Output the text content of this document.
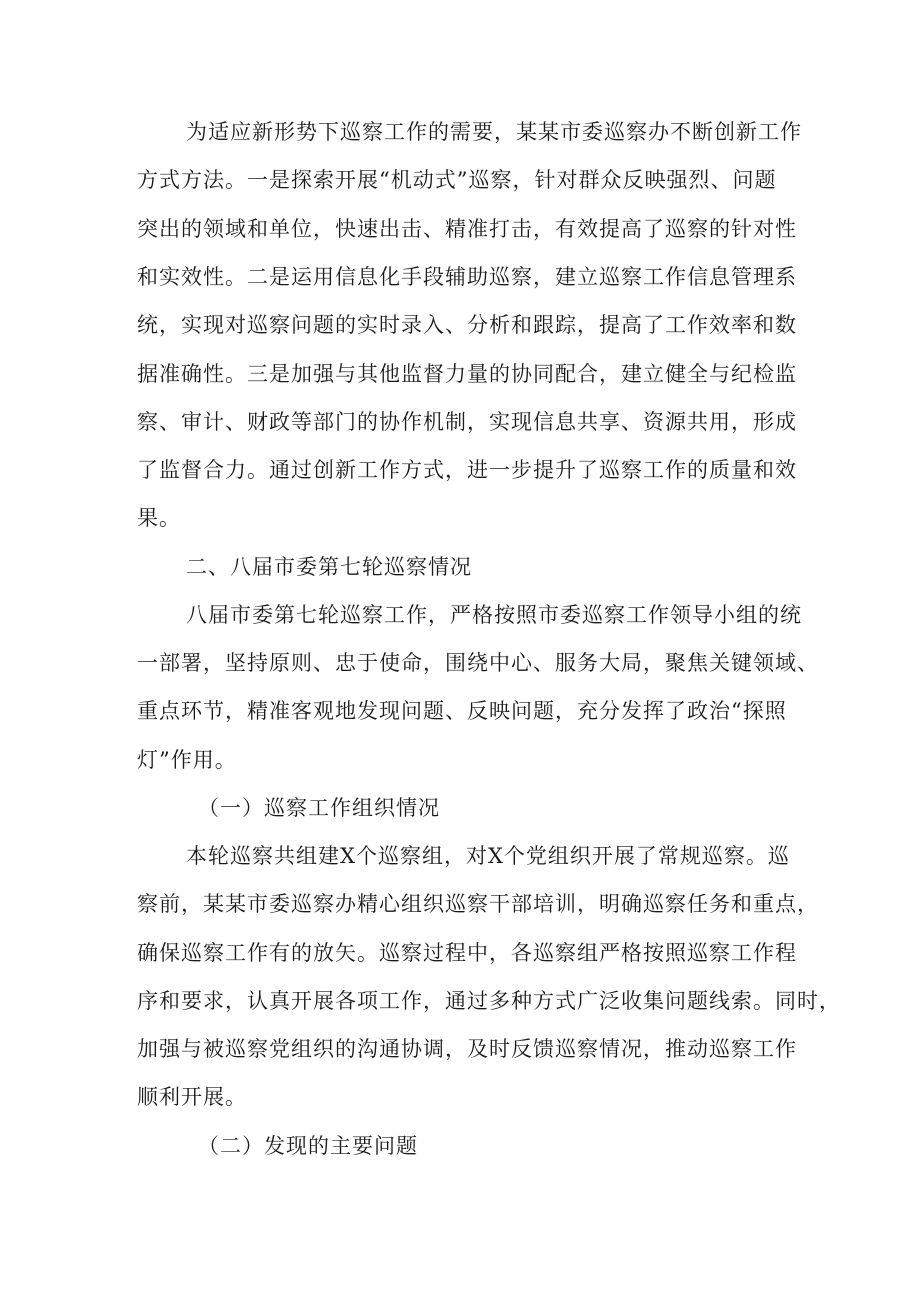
为适应新形势下巡察工作的需要，某某市委巡察办不断创新工作
方式方法。一是探索开展“机动式”巡察，针对群众反映强烈、问题
突出的领域和单位，快速出击、精准打击，有效提高了巡察的针对性
和实效性。二是运用信息化手段辅助巡察，建立巡察工作信息管理系
统，实现对巡察问题的实时录入、分析和跟踪，提高了工作效率和数
据准确性。三是加强与其他监督力量的协同配合，建立健全与纪检监
察、审计、财政等部门的协作机制，实现信息共享、资源共用，形成
了监督合力。通过创新工作方式，进一步提升了巡察工作的质量和效
果。
二、八届市委第七轮巡察情况
八届市委第七轮巡察工作，严格按照市委巡察工作领导小组的统
一部署，坚持原则、忠于使命，围绕中心、服务大局，聚焦关键领域、
重点环节，精准客观地发现问题、反映问题，充分发挥了政治“探照
灯”作用。
（一）巡察工作组织情况
本轮巡察共组建X个巡察组，对X个党组织开展了常规巡察。巡
察前，某某市委巡察办精心组织巡察干部培训，明确巡察任务和重点，
确保巡察工作有的放矢。巡察过程中，各巡察组严格按照巡察工作程
序和要求，认真开展各项工作，通过多种方式广泛收集问题线索。同时，
加强与被巡察党组织的沟通协调，及时反馈巡察情况，推动巡察工作
顺利开展。
（二）发现的主要问题
